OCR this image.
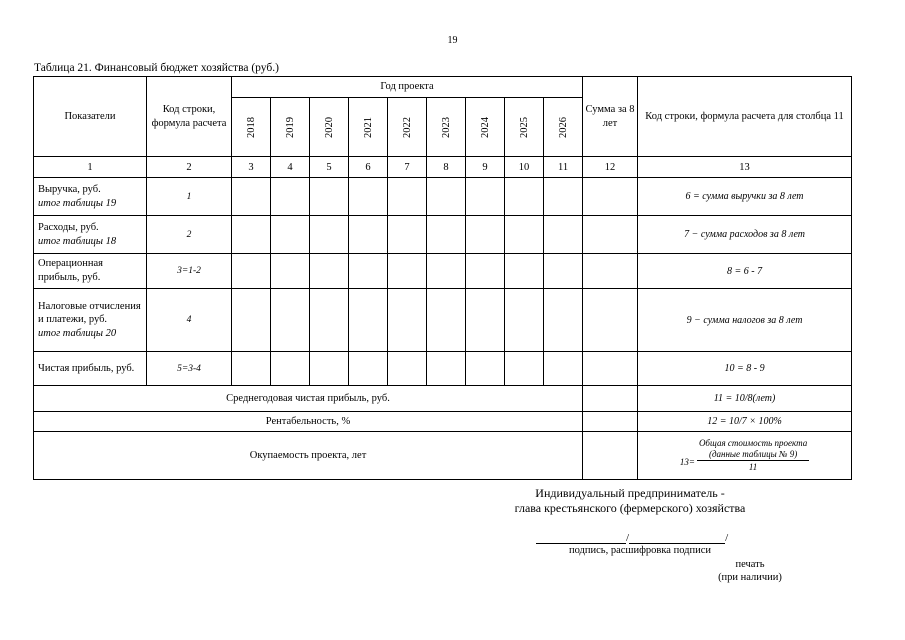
19
Таблица 21. Финансовый бюджет хозяйства (руб.)
Показатели	Код строки, формула расчета	Год проекта									Сумма за 8 лет	Код строки, формула расчета для столбца 11
		2018	2019	2020	2021	2022	2023	2024	2025	2026		
1	2	3	4	5	6	7	8	9	10	11	12	13

Выручка, руб.
итог таблицы 19	1											6 = сумма выручки за 8 лет

Расходы, руб.
итог таблицы 18	2											7 − сумма расходов за 8 лет

Операционная прибыль, руб.	3=1-2											8 = 6 - 7

Налоговые отчисления и платежи, руб.
итог таблицы 20	4											9 − сумма налогов за 8 лет

Чистая прибыль, руб.	5=3-4											10 = 8 - 9
Среднегодовая чистая прибыль, руб.												11 = 10/8(лет)
Рентабельность, %												12 = 10/7 × 100%
Окупаемость проекта, лет												13= Общая стоимость проекта
(данные таблицы № 9)
11
Индивидуальный предприниматель -
глава крестьянского (фермерского) хозяйства
/	/
подпись, расшифровка подписи
печать
(при наличии)
